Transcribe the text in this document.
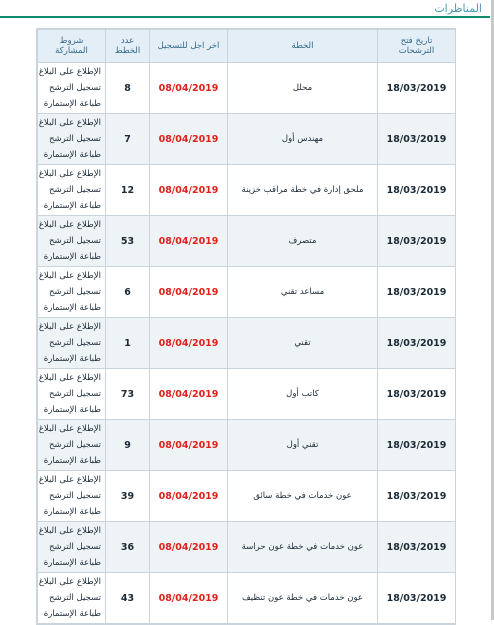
المناظرات
تاريخ فتح الترشحات	الخطة	اخر اجل للتسجيل	عدد الخطط	شروط المشاركة
18/03/2019	محلل	08/04/2019	8	الإطلاع على البلاغ
تسجيل الترشح
طباعة الإستمارة

18/03/2019	مهندس أول	08/04/2019	7	الإطلاع على البلاغ
تسجيل الترشح
طباعة الإستمارة

18/03/2019	ملحق إدارة في خطة مراقب خزينة	08/04/2019	12	الإطلاع على البلاغ
تسجيل الترشح
طباعة الإستمارة

18/03/2019	متصرف	08/04/2019	53	الإطلاع على البلاغ
تسجيل الترشح
طباعة الإستمارة

18/03/2019	مساعد تقني	08/04/2019	6	الإطلاع على البلاغ
تسجيل الترشح
طباعة الإستمارة

18/03/2019	تقني	08/04/2019	1	الإطلاع على البلاغ
تسجيل الترشح
طباعة الإستمارة

18/03/2019	كاتب أول	08/04/2019	73	الإطلاع على البلاغ
تسجيل الترشح
طباعة الإستمارة

18/03/2019	تقني أول	08/04/2019	9	الإطلاع على البلاغ
تسجيل الترشح
طباعة الإستمارة

18/03/2019	عون خدمات في خطة سائق	08/04/2019	39	الإطلاع على البلاغ
تسجيل الترشح
طباعة الإستمارة

18/03/2019	عون خدمات في خطة عون حراسة	08/04/2019	36	الإطلاع على البلاغ
تسجيل الترشح
طباعة الإستمارة

18/03/2019	عون خدمات في خطة عون تنظيف	08/04/2019	43	الإطلاع على البلاغ
تسجيل الترشح
طباعة الإستمارة
